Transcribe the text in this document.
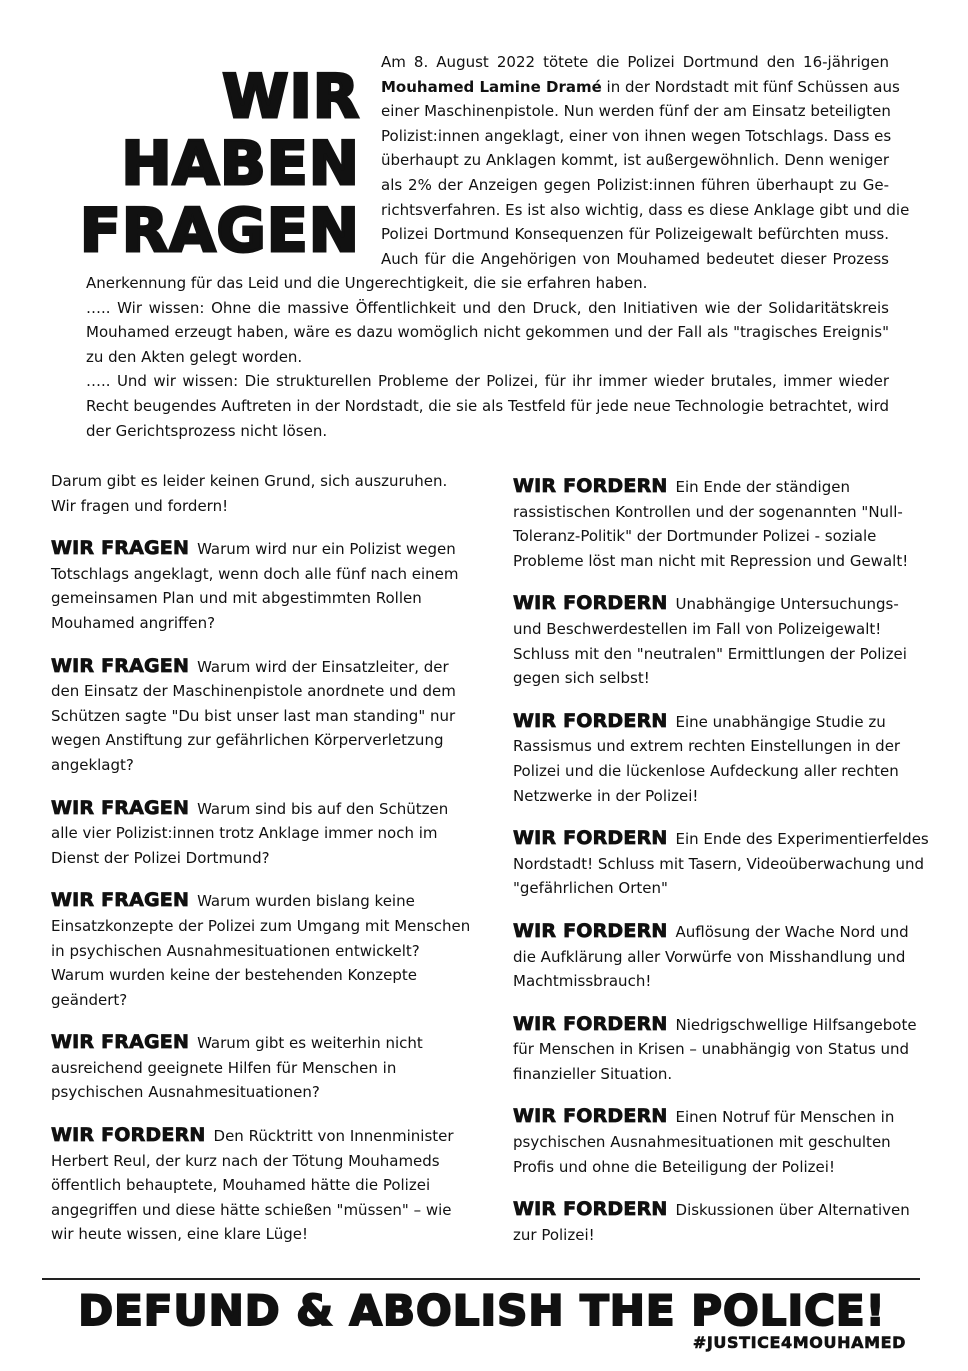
WIR
HABEN
FRAGEN
Am 8. August 2022 tötete die Polizei Dortmund den 16-jährigen
Mouhamed Lamine Dramé in der Nordstadt mit fünf Schüssen aus
einer Maschinenpistole. Nun werden fünf der am Einsatz beteiligten
Polizist:innen angeklagt, einer von ihnen wegen Totschlags. Dass es
überhaupt zu Anklagen kommt, ist außergewöhnlich. Denn weniger
als 2% der Anzeigen gegen Polizist:innen führen überhaupt zu Ge-
richtsverfahren. Es ist also wichtig, dass es diese Anklage gibt und die
Polizei Dortmund Konsequenzen für Polizeigewalt befürchten muss.
Auch für die Angehörigen von Mouhamed bedeutet dieser Prozess

Anerkennung für das Leid und die Ungerechtigkeit, die sie erfahren haben.

….. Wir wissen: Ohne die massive Öffentlichkeit und den Druck, den Initiativen wie der Solidaritätskreis Mouhamed erzeugt haben, wäre es dazu womöglich nicht gekommen und der Fall als "tragisches Ereignis" zu den Akten gelegt worden.

….. Und wir wissen: Die strukturellen Probleme der Polizei, für ihr immer wieder brutales, immer wieder Recht beugendes Auftreten in der Nordstadt, die sie als Testfeld für jede neue Technologie betrachtet, wird der Gerichtsprozess nicht lösen.

Darum gibt es leider keinen Grund, sich auszuruhen. Wir fragen und fordern!

WIR FRAGEN Warum wird nur ein Polizist wegen Totschlags angeklagt, wenn doch alle fünf nach einem gemeinsamen Plan und mit abgestimmten Rollen Mouhamed angriffen?
WIR FRAGEN Warum wird der Einsatzleiter, der den Einsatz der Maschinenpistole anordnete und dem Schützen sagte "Du bist unser last man standing" nur wegen Anstiftung zur gefährlichen Körperverletzung angeklagt?
WIR FRAGEN Warum sind bis auf den Schützen alle vier Polizist:innen trotz Anklage immer noch im Dienst der Polizei Dortmund?
WIR FRAGEN Warum wurden bislang keine Einsatzkonzepte der Polizei zum Umgang mit Menschen in psychischen Ausnahmesituationen entwickelt? Warum wurden keine der bestehenden Konzepte geändert?
WIR FRAGEN Warum gibt es weiterhin nicht ausreichend geeignete Hilfen für Menschen in psychischen Ausnahmesituationen?
WIR FORDERN Den Rücktritt von Innenminister Herbert Reul, der kurz nach der Tötung Mouhameds öffentlich behauptete, Mouhamed hätte die Polizei angegriffen und diese hätte schießen "müssen" – wie wir heute wissen, eine klare Lüge!
WIR FORDERN Ein Ende der ständigen rassistischen Kontrollen und der sogenannten "Null-Toleranz-Politik" der Dortmunder Polizei - soziale Probleme löst man nicht mit Repression und Gewalt!
WIR FORDERN Unabhängige Untersuchungs- und Beschwerdestellen im Fall von Polizeigewalt! Schluss mit den "neutralen" Ermittlungen der Polizei gegen sich selbst!
WIR FORDERN Eine unabhängige Studie zu Rassismus und extrem rechten Einstellungen in der Polizei und die lückenlose Aufdeckung aller rechten Netzwerke in der Polizei!
WIR FORDERN Ein Ende des Experimentierfeldes Nordstadt! Schluss mit Tasern, Videoüberwachung und "gefährlichen Orten"
WIR FORDERN Auflösung der Wache Nord und die Aufklärung aller Vorwürfe von Misshandlung und Machtmissbrauch!
WIR FORDERN Niedrigschwellige Hilfsangebote für Menschen in Krisen – unabhängig von Status und finanzieller Situation.
WIR FORDERN Einen Notruf für Menschen in psychischen Ausnahmesituationen mit geschulten Profis und ohne die Beteiligung der Polizei!
WIR FORDERN Diskussionen über Alternativen zur Polizei!
DEFUND & ABOLISH THE POLICE!
#JUSTICE4MOUHAMED
